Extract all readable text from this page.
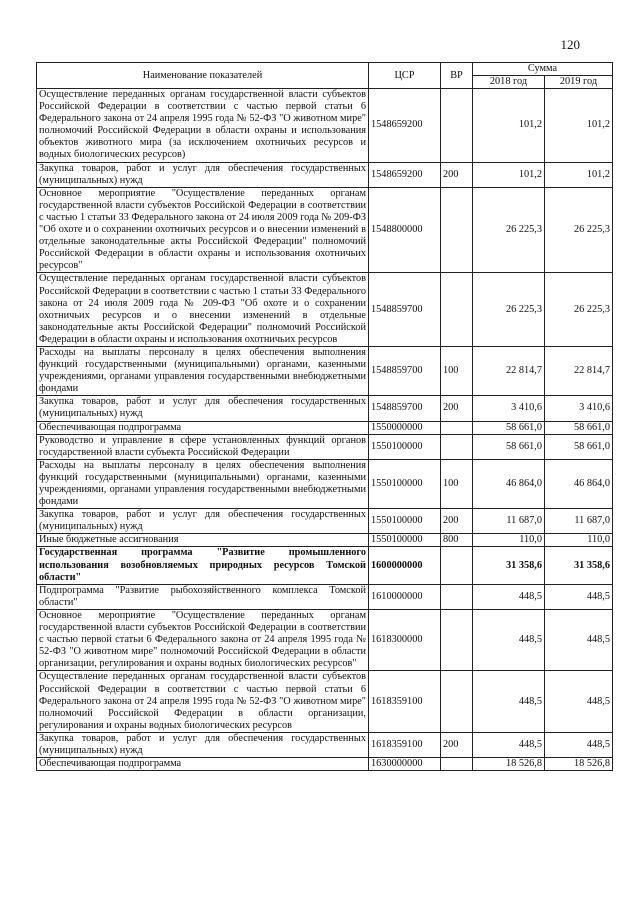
120
Наименование показателей	ЦСР	ВР	Сумма	
			2018 год	2019 год
Осуществление переданных органам государственной власти субъектов Российской Федерации в соответствии с частью первой статьи 6 Федерального закона от 24 апреля 1995 года № 52-ФЗ "О животном мире" полномочий Российской Федерации в области охраны и использования объектов животного мира (за исключением охотничьих ресурсов и водных биологических ресурсов)	1548659200		101,2	101,2
Закупка товаров, работ и услуг для обеспечения государственных (муниципальных) нужд	1548659200	200	101,2	101,2
Основное мероприятие "Осуществление переданных органам государственной власти субъектов Российской Федерации в соответствии с частью 1 статьи 33 Федерального закона от 24 июля 2009 года № 209-ФЗ "Об охоте и о сохранении охотничьих ресурсов и о внесении изменений в отдельные законодательные акты Российской Федерации" полномочий Российской Федерации в области охраны и использования охотничьих ресурсов"	1548800000		26 225,3	26 225,3
Осуществление переданных органам государственной власти субъектов Российской Федерации в соответствии с частью 1 статьи 33 Федерального закона от 24 июля 2009 года № 209-ФЗ "Об охоте и о сохранении охотничьих ресурсов и о внесении изменений в отдельные законодательные акты Российской Федерации" полномочий Российской Федерации в области охраны и использования охотничьих ресурсов	1548859700		26 225,3	26 225,3
Расходы на выплаты персоналу в целях обеспечения выполнения функций государственными (муниципальными) органами, казенными учреждениями, органами управления государственными внебюджетными фондами	1548859700	100	22 814,7	22 814,7
Закупка товаров, работ и услуг для обеспечения государственных (муниципальных) нужд	1548859700	200	3 410,6	3 410,6
Обеспечивающая подпрограмма	1550000000		58 661,0	58 661,0
Руководство и управление в сфере установленных функций органов государственной власти субъекта Российской Федерации	1550100000		58 661,0	58 661,0
Расходы на выплаты персоналу в целях обеспечения выполнения функций государственными (муниципальными) органами, казенными учреждениями, органами управления государственными внебюджетными фондами	1550100000	100	46 864,0	46 864,0
Закупка товаров, работ и услуг для обеспечения государственных (муниципальных) нужд	1550100000	200	11 687,0	11 687,0
Иные бюджетные ассигнования	1550100000	800	110,0	110,0
Государственная программа "Развитие промышленного использования возобновляемых природных ресурсов Томской области"	1600000000		31 358,6	31 358,6
Подпрограмма "Развитие рыбохозяйственного комплекса Томской области"	1610000000		448,5	448,5
Основное мероприятие "Осуществление переданных органам государственной власти субъектов Российской Федерации в соответствии с частью первой статьи 6 Федерального закона от 24 апреля 1995 года № 52-ФЗ "О животном мире" полномочий Российской Федерации в области организации, регулирования и охраны водных биологических ресурсов"	1618300000		448,5	448,5
Осуществление переданных органам государственной власти субъектов Российской Федерации в соответствии с частью первой статьи 6 Федерального закона от 24 апреля 1995 года № 52-ФЗ "О животном мире" полномочий Российской Федерации в области организации, регулирования и охраны водных биологических ресурсов	1618359100		448,5	448,5
Закупка товаров, работ и услуг для обеспечения государственных (муниципальных) нужд	1618359100	200	448,5	448,5
Обеспечивающая подпрограмма	1630000000		18 526,8	18 526,8
